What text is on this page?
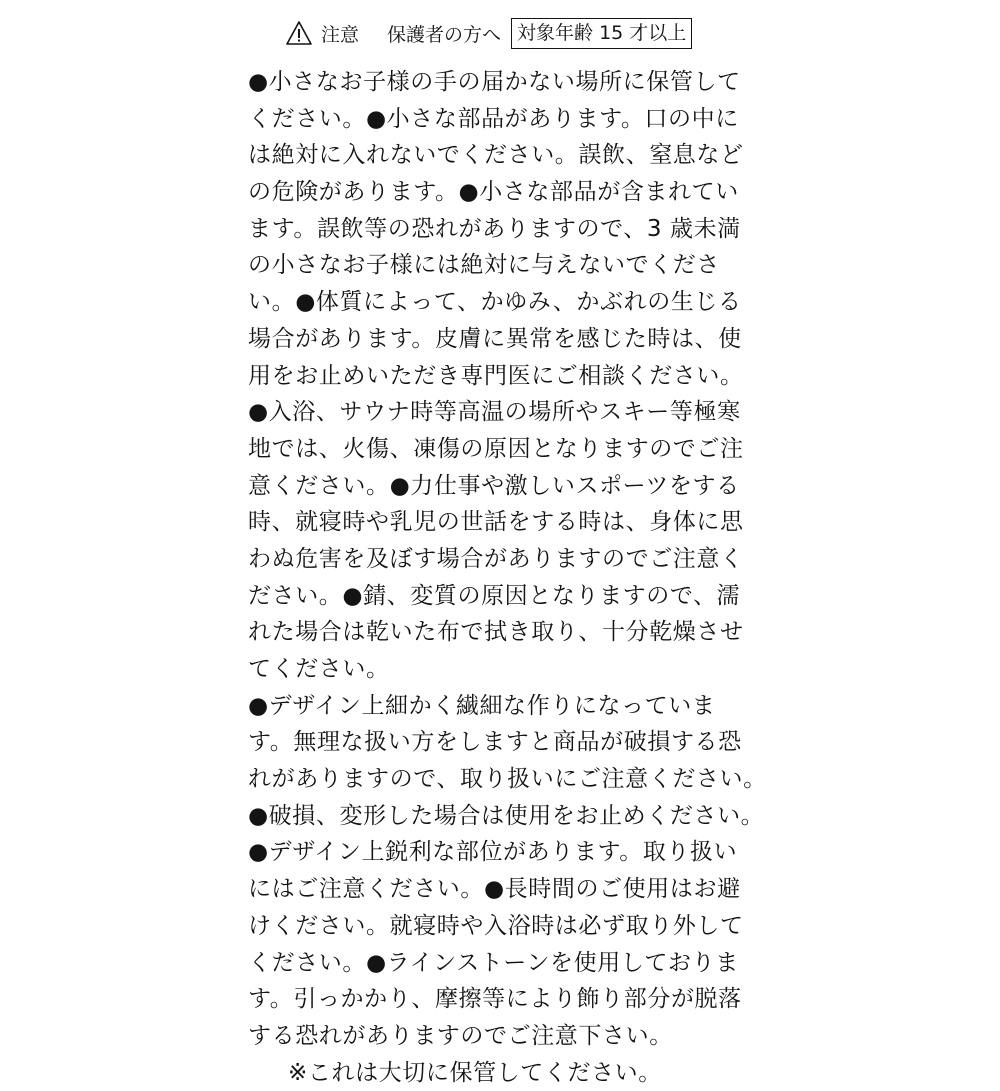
注意 保護者の方へ 対象年齢 15 才以上
●小さなお子様の手の届かない場所に保管して
ください。●小さな部品があります。口の中に
は絶対に入れないでください。誤飲、窒息など
の危険があります。●小さな部品が含まれてい
ます。誤飲等の恐れがありますので、3 歳未満
の小さなお子様には絶対に与えないでくださ
い。●体質によって、かゆみ、かぶれの生じる
場合があります。皮膚に異常を感じた時は、使
用をお止めいただき専門医にご相談ください。
●入浴、サウナ時等高温の場所やスキー等極寒
地では、火傷、凍傷の原因となりますのでご注
意ください。●力仕事や激しいスポーツをする
時、就寝時や乳児の世話をする時は、身体に思
わぬ危害を及ぼす場合がありますのでご注意く
ださい。●錆、変質の原因となりますので、濡
れた場合は乾いた布で拭き取り、十分乾燥させ
てください。
●デザイン上細かく繊細な作りになっていま
す。無理な扱い方をしますと商品が破損する恐
れがありますので、取り扱いにご注意ください。
●破損、変形した場合は使用をお止めください。
●デザイン上鋭利な部位があります。取り扱い
にはご注意ください。●長時間のご使用はお避
けください。就寝時や入浴時は必ず取り外して
ください。●ラインストーンを使用しておりま
す。引っかかり、摩擦等により飾り部分が脱落
する恐れがありますのでご注意下さい。
※これは大切に保管してください。
